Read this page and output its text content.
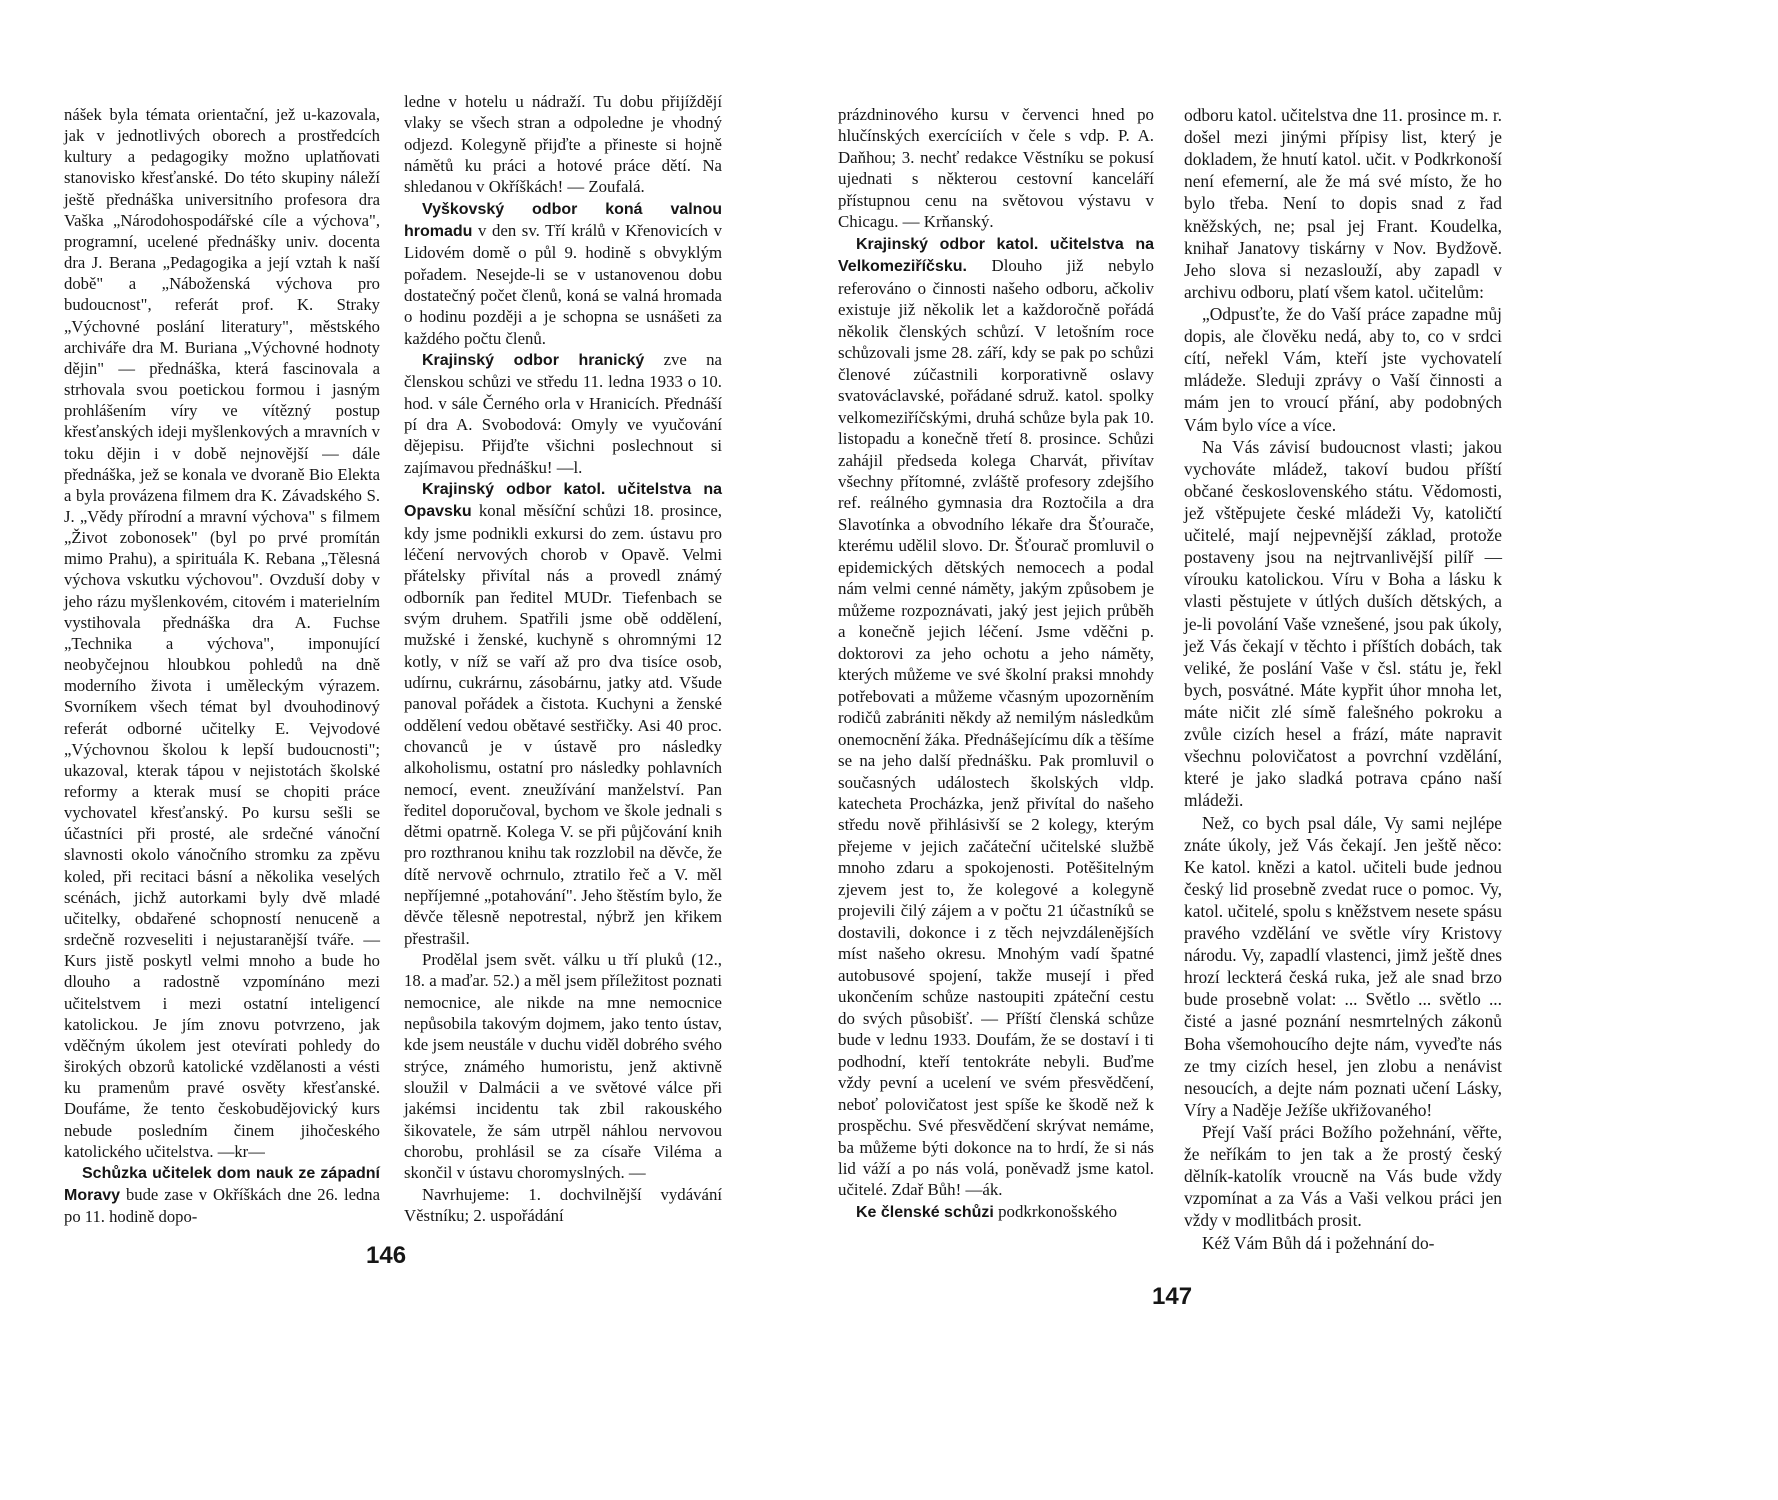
nášek byla témata orientační, jež u-kazovala, jak v jednotlivých oborech a prostředcích kultury a pedagogiky možno uplatňovati stanovisko křesťanské. Do této skupiny náleží ještě přednáška universitního profesora dra Vaška „Národohospodářské cíle a výchova", programní, ucelené přednášky univ. docenta dra J. Berana „Pedagogika a její vztah k naší době" a „Náboženská výchova pro budoucnost", referát prof. K. Straky „Výchovné poslání literatury", městského archiváře dra M. Buriana „Výchovné hodnoty dějin" — přednáška, která fascinovala a strhovala svou poetickou formou i jasným prohlášením víry ve vítězný postup křesťanských ideji myšlenkových a mravních v toku dějin i v době nejnovější — dále přednáška, jež se konala ve dvoraně Bio Elekta a byla provázena filmem dra K. Závadského S. J. „Vědy přírodní a mravní výchova" s filmem „Život zobonosek" (byl po prvé promítán mimo Prahu), a spirituála K. Rebana „Tělesná výchova vskutku výchovou". Ovzduší doby v jeho rázu myšlenkovém, citovém i materielním vystihovala přednáška dra A. Fuchse „Technika a výchova", imponující neobyčejnou hloubkou pohledů na dně moderního života i uměleckým výrazem. Svorníkem všech témat byl dvouhodinový referát odborné učitelky E. Vejvodové „Výchovnou školou k lepší budoucnosti"; ukazoval, kterak tápou v nejistotách školské reformy a kterak musí se chopiti práce vychovatel křesťanský. Po kursu sešli se účastníci při prosté, ale srdečné vánoční slavnosti okolo vánočního stromku za zpěvu koled, při recitaci básní a několika veselých scénách, jichž autorkami byly dvě mladé učitelky, obdařené schopností nenuceně a srdečně rozveseliti i nejustaranější tváře. — Kurs jistě poskytl velmi mnoho a bude ho dlouho a radostně vzpomínáno mezi učitelstvem i mezi ostatní inteligencí katolickou. Je jím znovu potvrzeno, jak vděčným úkolem jest otevírati pohledy do širokých obzorů katolické vzdělanosti a vésti ku pramenům pravé osvěty křesťanské. Doufáme, že tento českobudějovický kurs nebude posledním činem jihočeského katolického učitelstva. —kr—

Schůzka učitelek dom nauk ze západní Moravy bude zase v Okříškách dne 26. ledna po 11. hodině dopo-

ledne v hotelu u nádraží. Tu dobu přijíždějí vlaky se všech stran a odpoledne je vhodný odjezd. Kolegyně přijďte a přineste si hojně námětů ku práci a hotové práce dětí. Na shledanou v Okříškách! — Zoufalá.

Vyškovský odbor koná valnou hromadu v den sv. Tří králů v Křenovicích v Lidovém domě o půl 9. hodině s obvyklým pořadem. Nesejde-li se v ustanovenou dobu dostatečný počet členů, koná se valná hromada o hodinu později a je schopna se usnášeti za každého počtu členů.

Krajinský odbor hranický zve na členskou schůzi ve středu 11. ledna 1933 o 10. hod. v sále Černého orla v Hranicích. Přednáší pí dra A. Svobodová: Omyly ve vyučování dějepisu. Přijďte všichni poslechnout si zajímavou přednášku! —l.

Krajinský odbor katol. učitelstva na Opavsku konal měsíční schůzi 18. prosince, kdy jsme podnikli exkursi do zem. ústavu pro léčení nervových chorob v Opavě. Velmi přátelsky přivítal nás a provedl známý odborník pan ředitel MUDr. Tiefenbach se svým druhem. Spatřili jsme obě oddělení, mužské i ženské, kuchyně s ohromnými 12 kotly, v níž se vaří až pro dva tisíce osob, udírnu, cukrárnu, zásobárnu, jatky atd. Všude panoval pořádek a čistota. Kuchyni a ženské oddělení vedou obětavé sestřičky. Asi 40 proc. chovanců je v ústavě pro následky alkoholismu, ostatní pro následky pohlavních nemocí, event. zneužívání manželství. Pan ředitel doporučoval, bychom ve škole jednali s dětmi opatrně. Kolega V. se při půjčování knih pro rozthranou knihu tak rozzlobil na děvče, že dítě nervově ochrnulo, ztratilo řeč a V. měl nepříjemné „potahování". Jeho štěstím bylo, že děvče tělesně nepotrestal, nýbrž jen křikem přestrašil.

Prodělal jsem svět. válku u tří pluků (12., 18. a maďar. 52.) a měl jsem příležitost poznati nemocnice, ale nikde na mne nemocnice nepůsobila takovým dojmem, jako tento ústav, kde jsem neustále v duchu viděl dobrého svého strýce, známého humoristu, jenž aktivně sloužil v Dalmácii a ve světové válce při jakémsi incidentu tak zbil rakouského šikovatele, že sám utrpěl náhlou nervovou chorobu, prohlásil se za císaře Viléma a skončil v ústavu choromyslných. —

Navrhujeme: 1. dochvilnější vydávání Věstníku; 2. uspořádání

146

prázdninového kursu v červenci hned po hlučínských exercíciích v čele s vdp. P. A. Daňhou; 3. nechť redakce Věstníku se pokusí ujednati s některou cestovní kanceláří přístupnou cenu na světovou výstavu v Chicagu. — Krňanský.

Krajinský odbor katol. učitelstva na Velkomeziříčsku. Dlouho již nebylo referováno o činnosti našeho odboru, ačkoliv existuje již několik let a každoročně pořádá několik členských schůzí. V letošním roce schůzovali jsme 28. září, kdy se pak po schůzi členové zúčastnili korporativně oslavy svatováclavské, pořádané sdruž. katol. spolky velkomeziříčskými, druhá schůze byla pak 10. listopadu a konečně třetí 8. prosince. Schůzi zahájil předseda kolega Charvát, přivítav všechny přítomné, zvláště profesory zdejšího ref. reálného gymnasia dra Roztočila a dra Slavotínka a obvodního lékaře dra Šťourače, kterému udělil slovo. Dr. Šťourač promluvil o epidemických dětských nemocech a podal nám velmi cenné náměty, jakým způsobem je můžeme rozpoznávati, jaký jest jejich průběh a konečně jejich léčení. Jsme vděčni p. doktorovi za jeho ochotu a jeho náměty, kterých můžeme ve své školní praksi mnohdy potřebovati a můžeme včasným upozorněním rodičů zabrániti někdy až nemilým následkům onemocnění žáka. Přednášejícímu dík a těšíme se na jeho další přednášku. Pak promluvil o současných událostech školských vldp. katecheta Procházka, jenž přivítal do našeho středu nově přihlásivší se 2 kolegy, kterým přejeme v jejich začáteční učitelské službě mnoho zdaru a spokojenosti. Potěšitelným zjevem jest to, že kolegové a kolegyně projevili čilý zájem a v počtu 21 účastníků se dostavili, dokonce i z těch nejvzdálenějších míst našeho okresu. Mnohým vadí špatné autobusové spojení, takže musejí i před ukončením schůze nastoupiti zpáteční cestu do svých působišť. — Příští členská schůze bude v lednu 1933. Doufám, že se dostaví i ti podhodní, kteří tentokráte nebyli. Buďme vždy pevní a ucelení ve svém přesvědčení, neboť polovičatost jest spíše ke škodě než k prospěchu. Své přesvědčení skrývat nemáme, ba můžeme býti dokonce na to hrdí, že si nás lid váží a po nás volá, poněvadž jsme katol. učitelé. Zdař Bůh! —ák.

Ke členské schůzi podkrkonošského

odboru katol. učitelstva dne 11. prosince m. r. došel mezi jinými přípisy list, který je dokladem, že hnutí katol. učit. v Podkrkonoší není efemerní, ale že má své místo, že ho bylo třeba. Není to dopis snad z řad kněžských, ne; psal jej Frant. Koudelka, knihař Janatovy tiskárny v Nov. Bydžově. Jeho slova si nezaslouží, aby zapadl v archivu odboru, platí všem katol. učitelům:

„Odpusťte, že do Vaší práce zapadne můj dopis, ale člověku nedá, aby to, co v srdci cítí, neřekl Vám, kteří jste vychovatelí mládeže. Sleduji zprávy o Vaší činnosti a mám jen to vroucí přání, aby podobných Vám bylo více a více.

Na Vás závisí budoucnost vlasti; jakou vychováte mládež, takoví budou příští občané československého státu. Vědomosti, jež vštěpujete české mládeži Vy, katoličtí učitelé, mají nejpevnější základ, protože postaveny jsou na nejtrvanlivější pilíř — vírouku katolickou. Víru v Boha a lásku k vlasti pěstujete v útlých duších dětských, a je-li povolání Vaše vznešené, jsou pak úkoly, jež Vás čekají v těchto i příštích dobách, tak veliké, že poslání Vaše v čsl. státu je, řekl bych, posvátné. Máte kypřit úhor mnoha let, máte ničit zlé símě falešného pokroku a zvůle cizích hesel a frází, máte napravit všechnu polovičatost a povrchní vzdělání, které je jako sladká potrava cpáno naší mládeži.

Než, co bych psal dále, Vy sami nejlépe znáte úkoly, jež Vás čekají. Jen ještě něco: Ke katol. knězi a katol. učiteli bude jednou český lid prosebně zvedat ruce o pomoc. Vy, katol. učitelé, spolu s kněžstvem nesete spásu pravého vzdělání ve světle víry Kristovy národu. Vy, zapadlí vlastenci, jimž ještě dnes hrozí leckterá česká ruka, jež ale snad brzo bude prosebně volat: ... Světlo ... světlo ... čisté a jasné poznání nesmrtelných zákonů Boha všemohoucího dejte nám, vyveďte nás ze tmy cizích hesel, jen zlobu a nenávist nesoucích, a dejte nám poznati učení Lásky, Víry a Naděje Ježíše ukřižovaného!

Přejí Vaší práci Božího požehnání, věřte, že neříkám to jen tak a že prostý český dělník-katolík vroucně na Vás bude vždy vzpomínat a za Vás a Vaši velkou práci jen vždy v modlitbách prosit.

Kéž Vám Bůh dá i požehnání do-

147
